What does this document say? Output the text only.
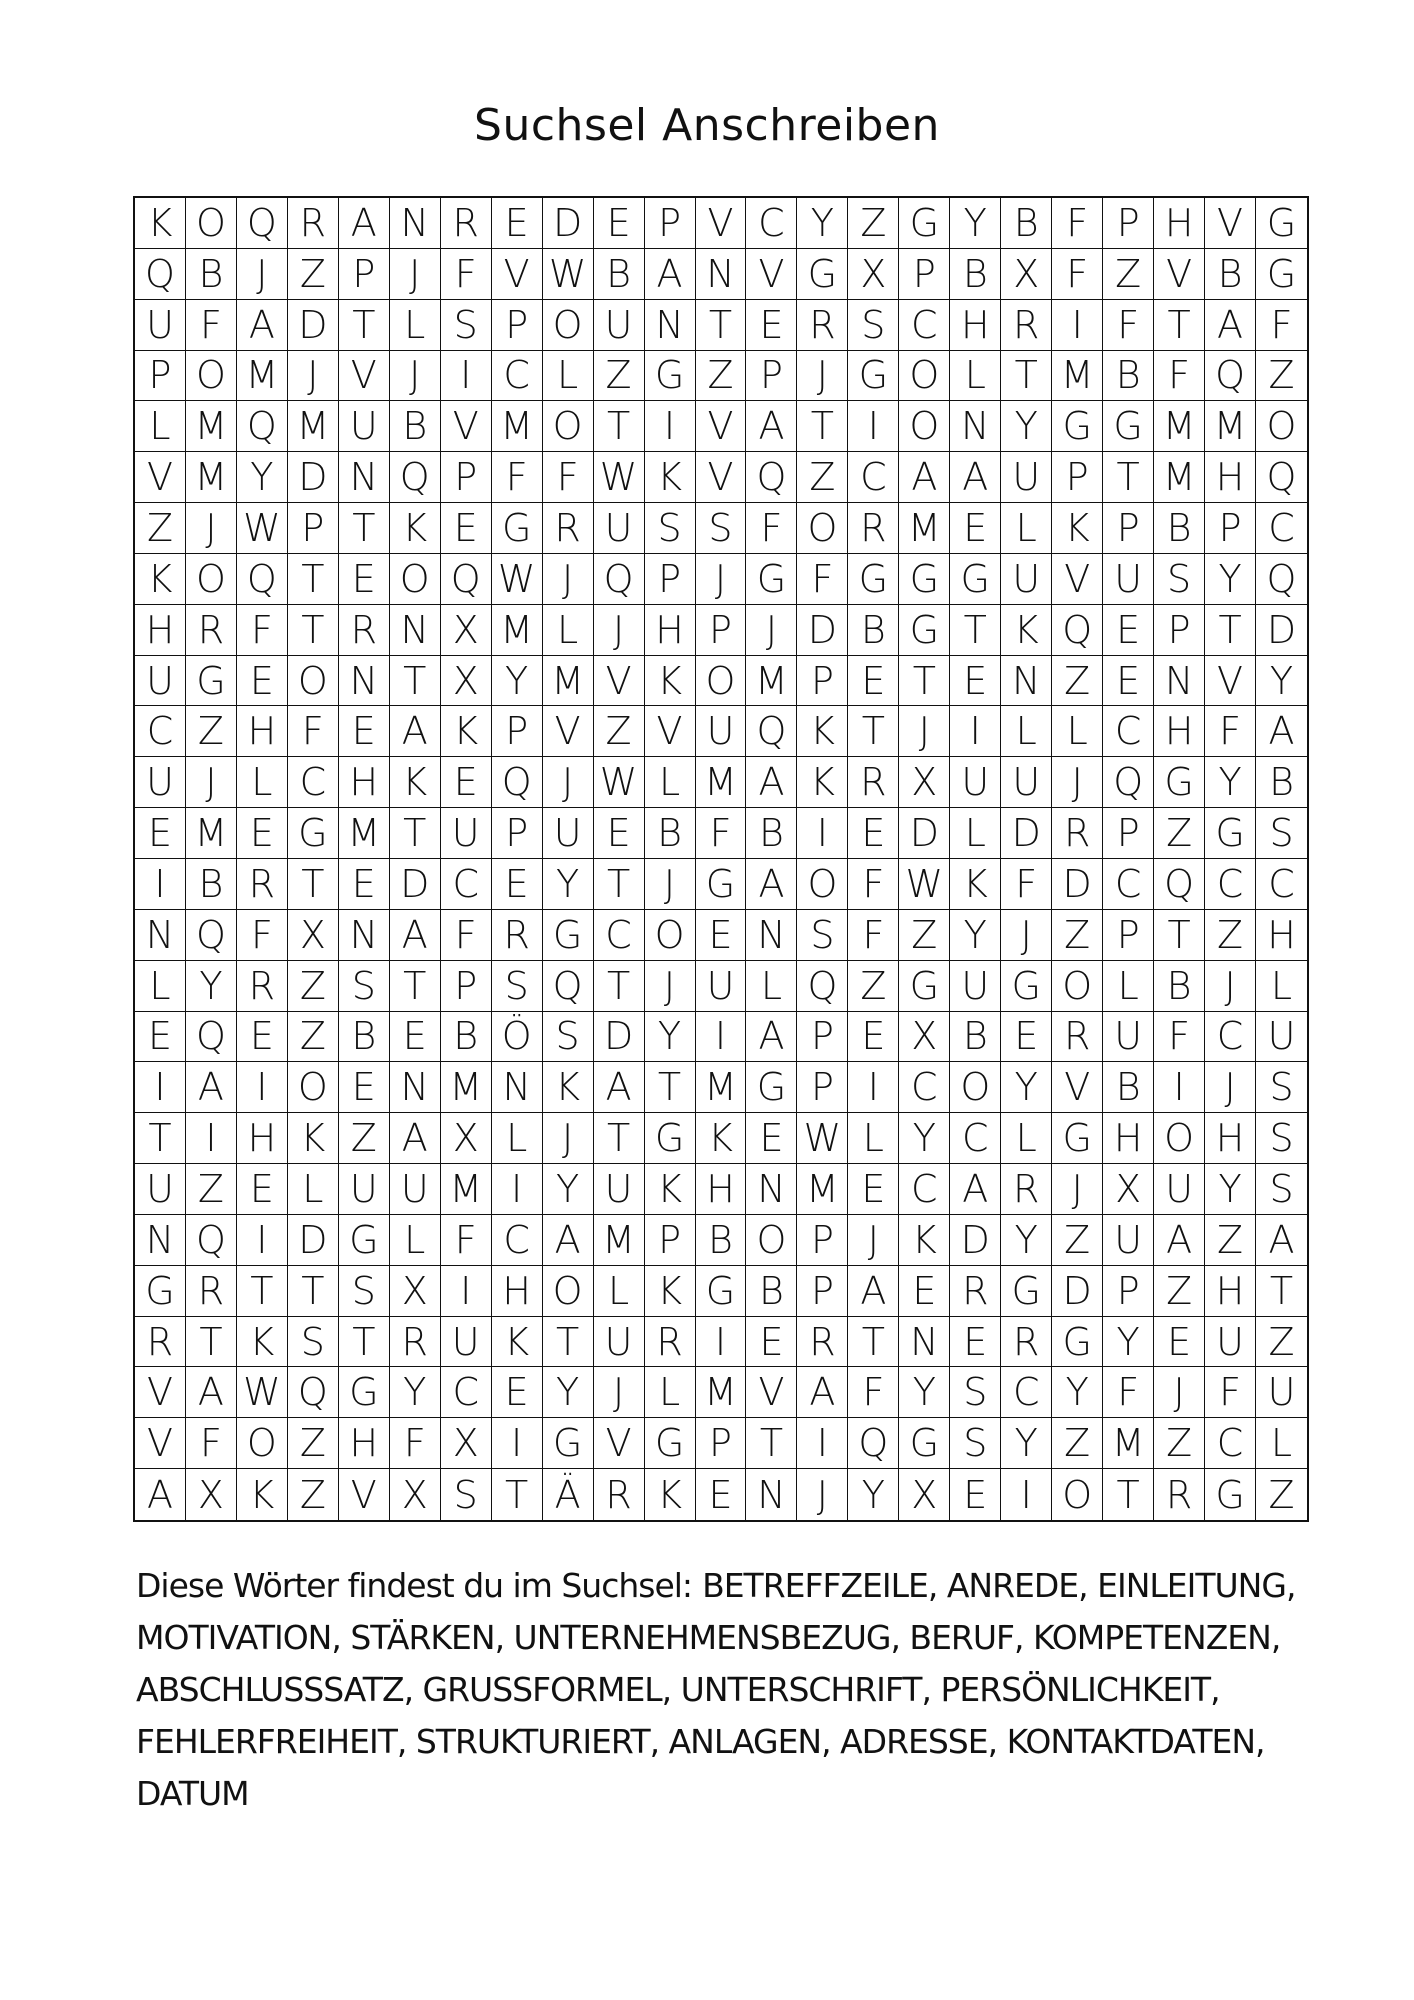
Suchsel Anschreiben
K O Q R A N R E D E P V C Y Z G Y B F P H V G
Q B J Z P J F V W B A N V G X P B X F Z V B G
U F A D T L S P O U N T E R S C H R I F T A F
P O M J V J	I C L Z G Z P J G O L T M B F Q Z
L M Q M U B V M O T I V A T I O N Y G G M M O
V M Y D N Q P F F W K V Q Z C A A U P T M H Q
Z J W P T K E G R U S S F O R M E L K P B P C
K O Q T E O Q W J Q P J G F G G G U V U S Y Q
H R F T R N X M L J H P J D B G T K Q E P T D
U G E O N T X Y M V K O M P E T E N Z E N V Y
C Z H F E A K P V Z V U Q K T J	I L L C H F A
U J L C H K E Q J W L M A K R X U U J Q G Y B
E M E G M T U P U E B F B I E D L D R P Z G S
I B R T E D C E Y T J G A O F W K F D C Q C C
N Q F X N A F R G C O E N S F Z Y J Z P T Z H
L Y R Z S T P S Q T J U L Q Z G U G O L B J L
E Q E Z B E B Ö S D Y I A P E X B E R U F C U
I A I O E N M N K A T M G P I C O Y V B I	J S
T I H K Z A X L J T G K E W L Y C L G H O H S
U Z E L U U M I Y U K H N M E C A R J X U Y S
N Q I D G L F C A M P B O P J K D Y Z U A Z A
G R T T S X I H O L K G B P A E R G D P Z H T
R T K S T R U K T U R I E R T N E R G Y E U Z
V A W Q G Y C E Y J L M V A F Y S C Y F J F U
V F O Z H F X I G V G P T I Q G S Y Z M Z C L
A X K Z V X S T Ä R K E N J Y X E I O T R G Z
Diese Wörter findest du im Suchsel: BETREFFZEILE, ANREDE, EINLEITUNG, MOTIVATION, STÄRKEN, UNTERNEHMENSBEZUG, BERUF, KOMPETENZEN, ABSCHLUSSSATZ, GRUSSFORMEL, UNTERSCHRIFT, PERSÖNLICHKEIT, FEHLERFREIHEIT, STRUKTURIERT, ANLAGEN, ADRESSE, KONTAKTDATEN, DATUM
